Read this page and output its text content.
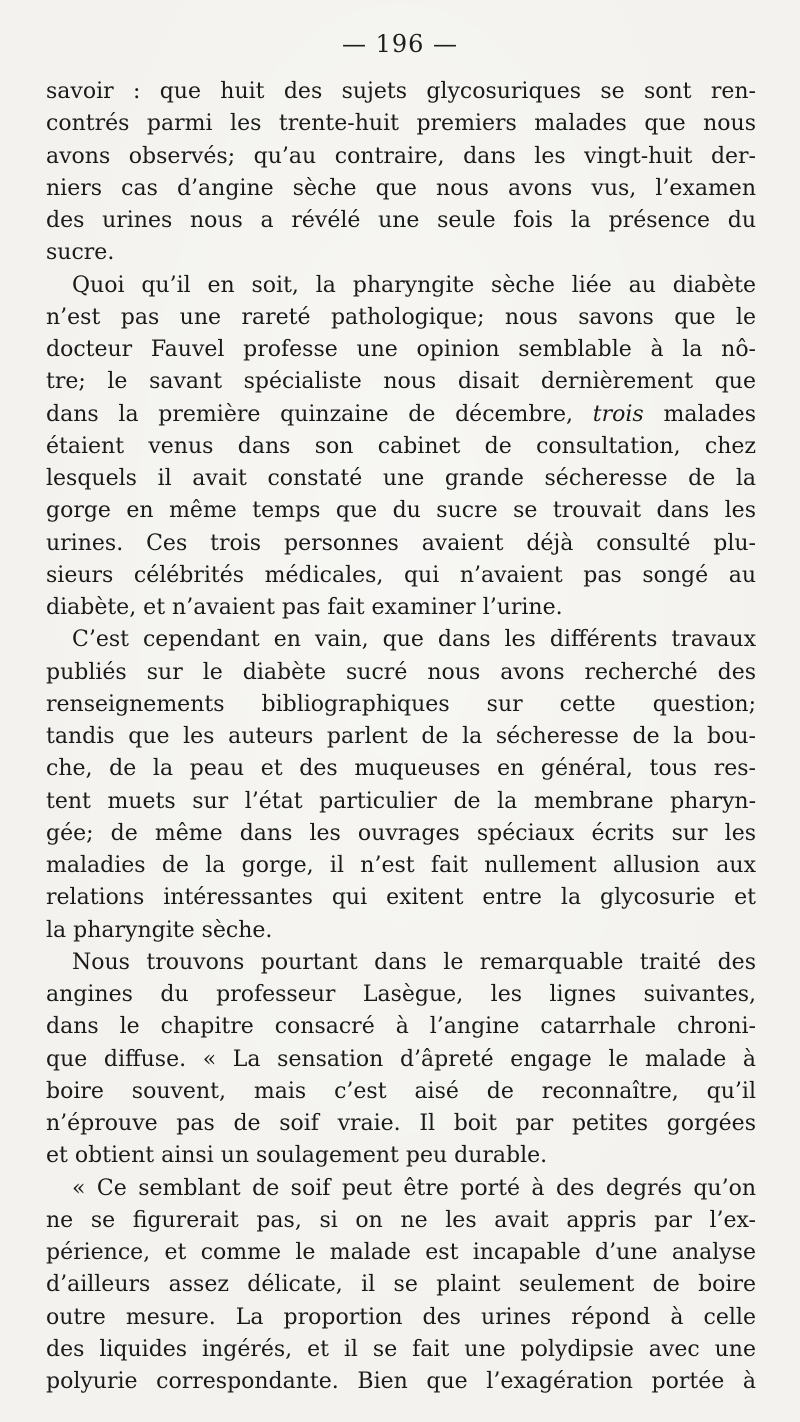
— 196 —
savoir : que huit des sujets glycosuriques se sont ren-
contrés parmi les trente-huit premiers malades que nous
avons observés; qu’au contraire, dans les vingt-huit der-
niers cas d’angine sèche que nous avons vus, l’examen
des urines nous a révélé une seule fois la présence du
sucre.
Quoi qu’il en soit, la pharyngite sèche liée au diabète
n’est pas une rareté pathologique; nous savons que le
docteur Fauvel professe une opinion semblable à la nô-
tre; le savant spécialiste nous disait dernièrement que
dans la première quinzaine de décembre, trois malades
étaient venus dans son cabinet de consultation, chez
lesquels il avait constaté une grande sécheresse de la
gorge en même temps que du sucre se trouvait dans les
urines. Ces trois personnes avaient déjà consulté plu-
sieurs célébrités médicales, qui n’avaient pas songé au
diabète, et n’avaient pas fait examiner l’urine.
C’est cependant en vain, que dans les différents travaux
publiés sur le diabète sucré nous avons recherché des
renseignements bibliographiques sur cette question;
tandis que les auteurs parlent de la sécheresse de la bou-
che, de la peau et des muqueuses en général, tous res-
tent muets sur l’état particulier de la membrane pharyn-
gée; de même dans les ouvrages spéciaux écrits sur les
maladies de la gorge, il n’est fait nullement allusion aux
relations intéressantes qui exitent entre la glycosurie et
la pharyngite sèche.
Nous trouvons pourtant dans le remarquable traité des
angines du professeur Lasègue, les lignes suivantes,
dans le chapitre consacré à l’angine catarrhale chroni-
que diffuse. « La sensation d’âpreté engage le malade à
boire souvent, mais c’est aisé de reconnaître, qu’il
n’éprouve pas de soif vraie. Il boit par petites gorgées
et obtient ainsi un soulagement peu durable.
« Ce semblant de soif peut être porté à des degrés qu’on
ne se figurerait pas, si on ne les avait appris par l’ex-
périence, et comme le malade est incapable d’une analyse
d’ailleurs assez délicate, il se plaint seulement de boire
outre mesure. La proportion des urines répond à celle
des liquides ingérés, et il se fait une polydipsie avec une
polyurie correspondante. Bien que l’exagération portée à
